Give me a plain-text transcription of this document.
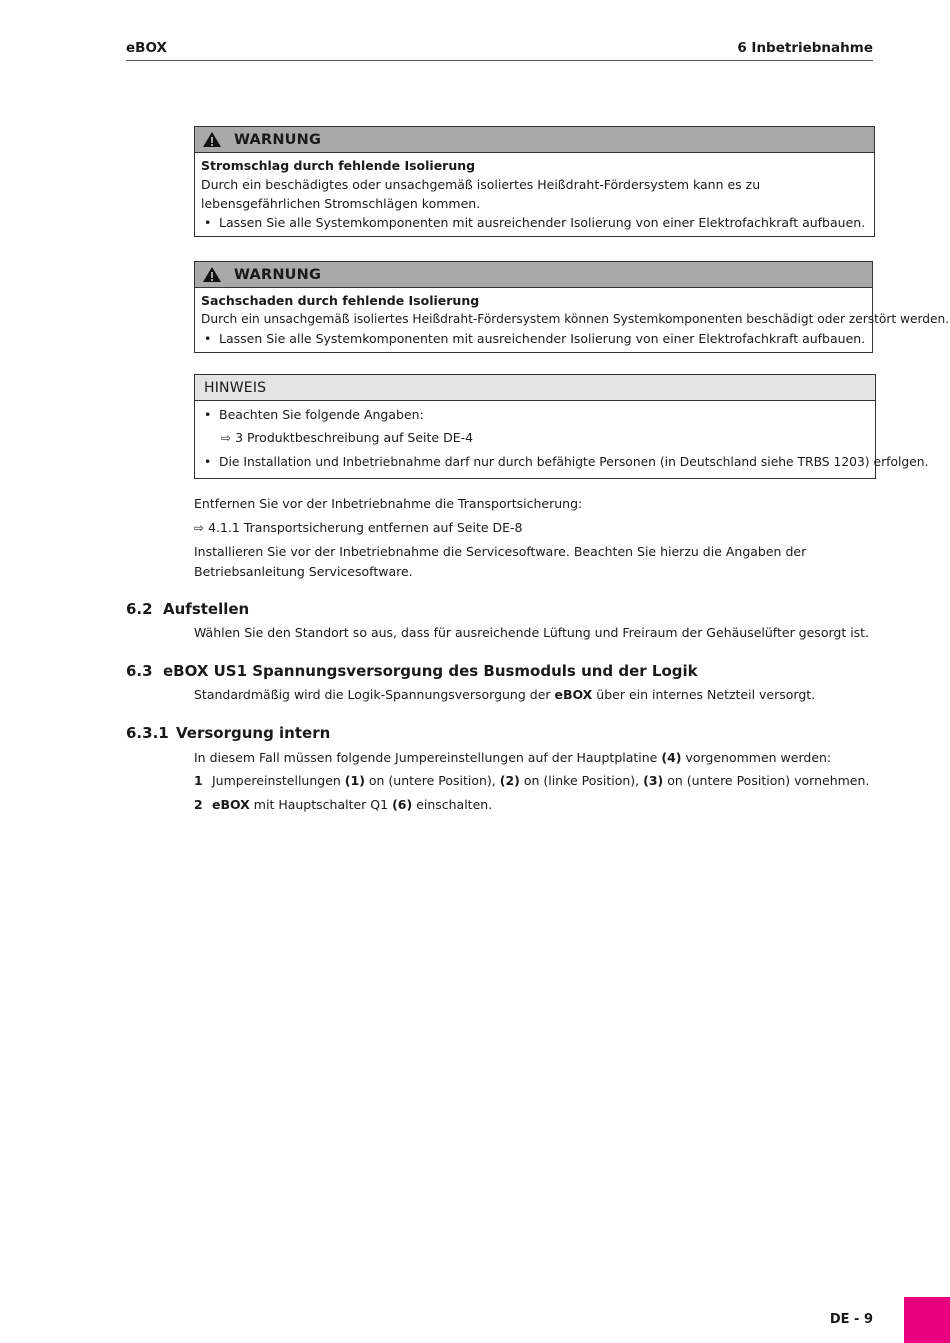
eBOX	6 Inbetriebnahme
WARNUNG
Stromschlag durch fehlende Isolierung
Durch ein beschädigtes oder unsachgemäß isoliertes Heißdraht-Fördersystem kann es zu lebensgefährlichen Stromschlägen kommen.
• Lassen Sie alle Systemkomponenten mit ausreichender Isolierung von einer Elektrofachkraft aufbauen.
WARNUNG
Sachschaden durch fehlende Isolierung
Durch ein unsachgemäß isoliertes Heißdraht-Fördersystem können Systemkomponenten beschädigt oder zerstört werden.
• Lassen Sie alle Systemkomponenten mit ausreichender Isolierung von einer Elektrofachkraft aufbauen.
HINWEIS
• Beachten Sie folgende Angaben:
⇨ 3 Produktbeschreibung auf Seite DE-4
• Die Installation und Inbetriebnahme darf nur durch befähigte Personen (in Deutschland siehe TRBS 1203) erfolgen.
Entfernen Sie vor der Inbetriebnahme die Transportsicherung:
⇨ 4.1.1 Transportsicherung entfernen auf Seite DE-8
Installieren Sie vor der Inbetriebnahme die Servicesoftware. Beachten Sie hierzu die Angaben der Betriebsanleitung Servicesoftware.
6.2 Aufstellen
Wählen Sie den Standort so aus, dass für ausreichende Lüftung und Freiraum der Gehäuselüfter gesorgt ist.
6.3 eBOX US1 Spannungsversorgung des Busmoduls und der Logik
Standardmäßig wird die Logik-Spannungsversorgung der eBOX über ein internes Netzteil versorgt.
6.3.1 Versorgung intern
In diesem Fall müssen folgende Jumpereinstellungen auf der Hauptplatine (4) vorgenommen werden:
1 Jumpereinstellungen (1) on (untere Position), (2) on (linke Position), (3) on (untere Position) vornehmen.
2 eBOX mit Hauptschalter Q1 (6) einschalten.
DE - 9
